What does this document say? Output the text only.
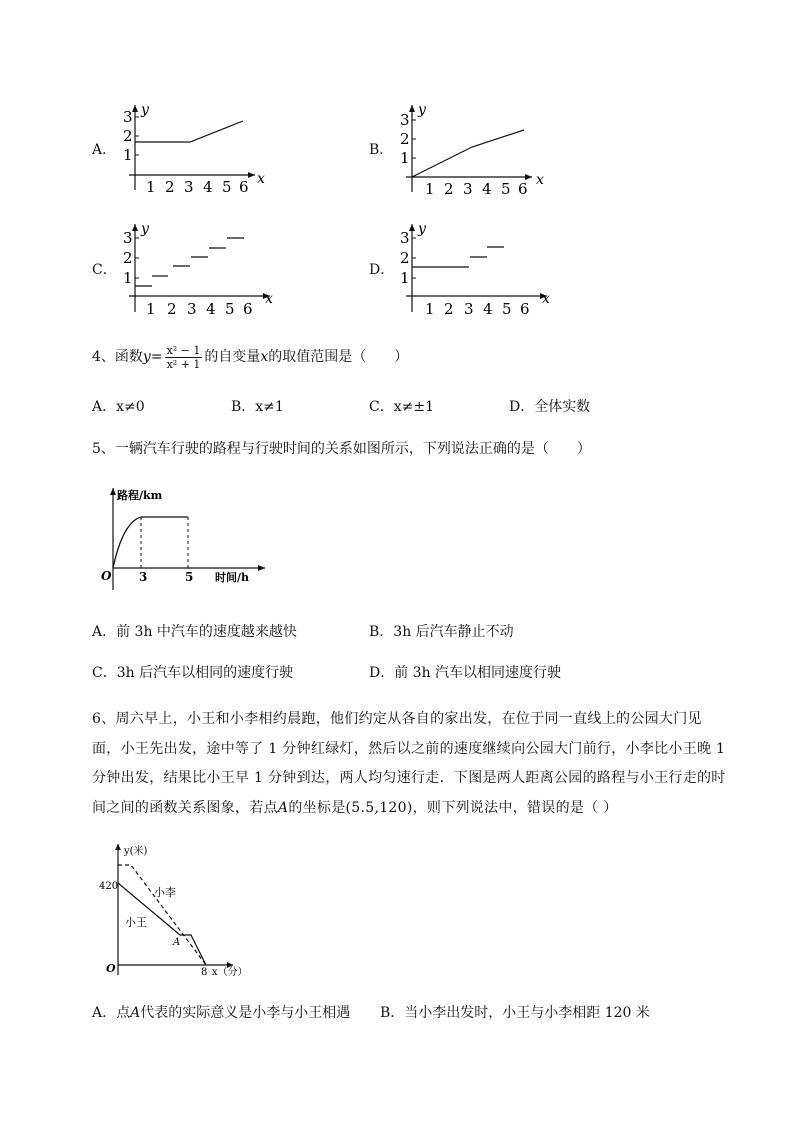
A． 1
2
3 y
1 2 3 4 5 6 x
B． 1
2
3
y
1 2 3 4 5 6 x
C． 1
2
3 y
1 2 3 4 5 6
x
D． 1
2
3 y
1 2 3 4 5 6
x
4、函数$y= \frac{\text{x² − 1}}{\text{x² + 1}}$ 的自变量x的取值范围是（　　）
A．x≠0	B．x≠1	C．x≠±1	D．全体实数
5、一辆汽车行驶的路程与行驶时间的关系如图所示，下列说法正确的是（　　）
路程/km
时间/h
O 3	5
A．前 3h 中汽车的速度越来越快	B．3h 后汽车静止不动
C．3h 后汽车以相同的速度行驶	D．前 3h 汽车以相同速度行驶
6、周六早上，小王和小李相约晨跑，他们约定从各自的家出发，在位于同一直线上的公园大门见
面，小王先出发，途中等了 1 分钟红绿灯，然后以之前的速度继续向公园大门前行，小李比小王晚 1
分钟出发，结果比小王早 1 分钟到达，两人均匀速行走．下图是两人距离公园的路程与小王行走的时
间之间的函数关系图象，若点A的坐标是(5.5,120)，则下列说法中，错误的是（ ）
y(米)
420
O	8 x（分）
小李
小王
A
A．点A代表的实际意义是小李与小王相遇 B．当小李出发时，小王与小李相距 120 米
